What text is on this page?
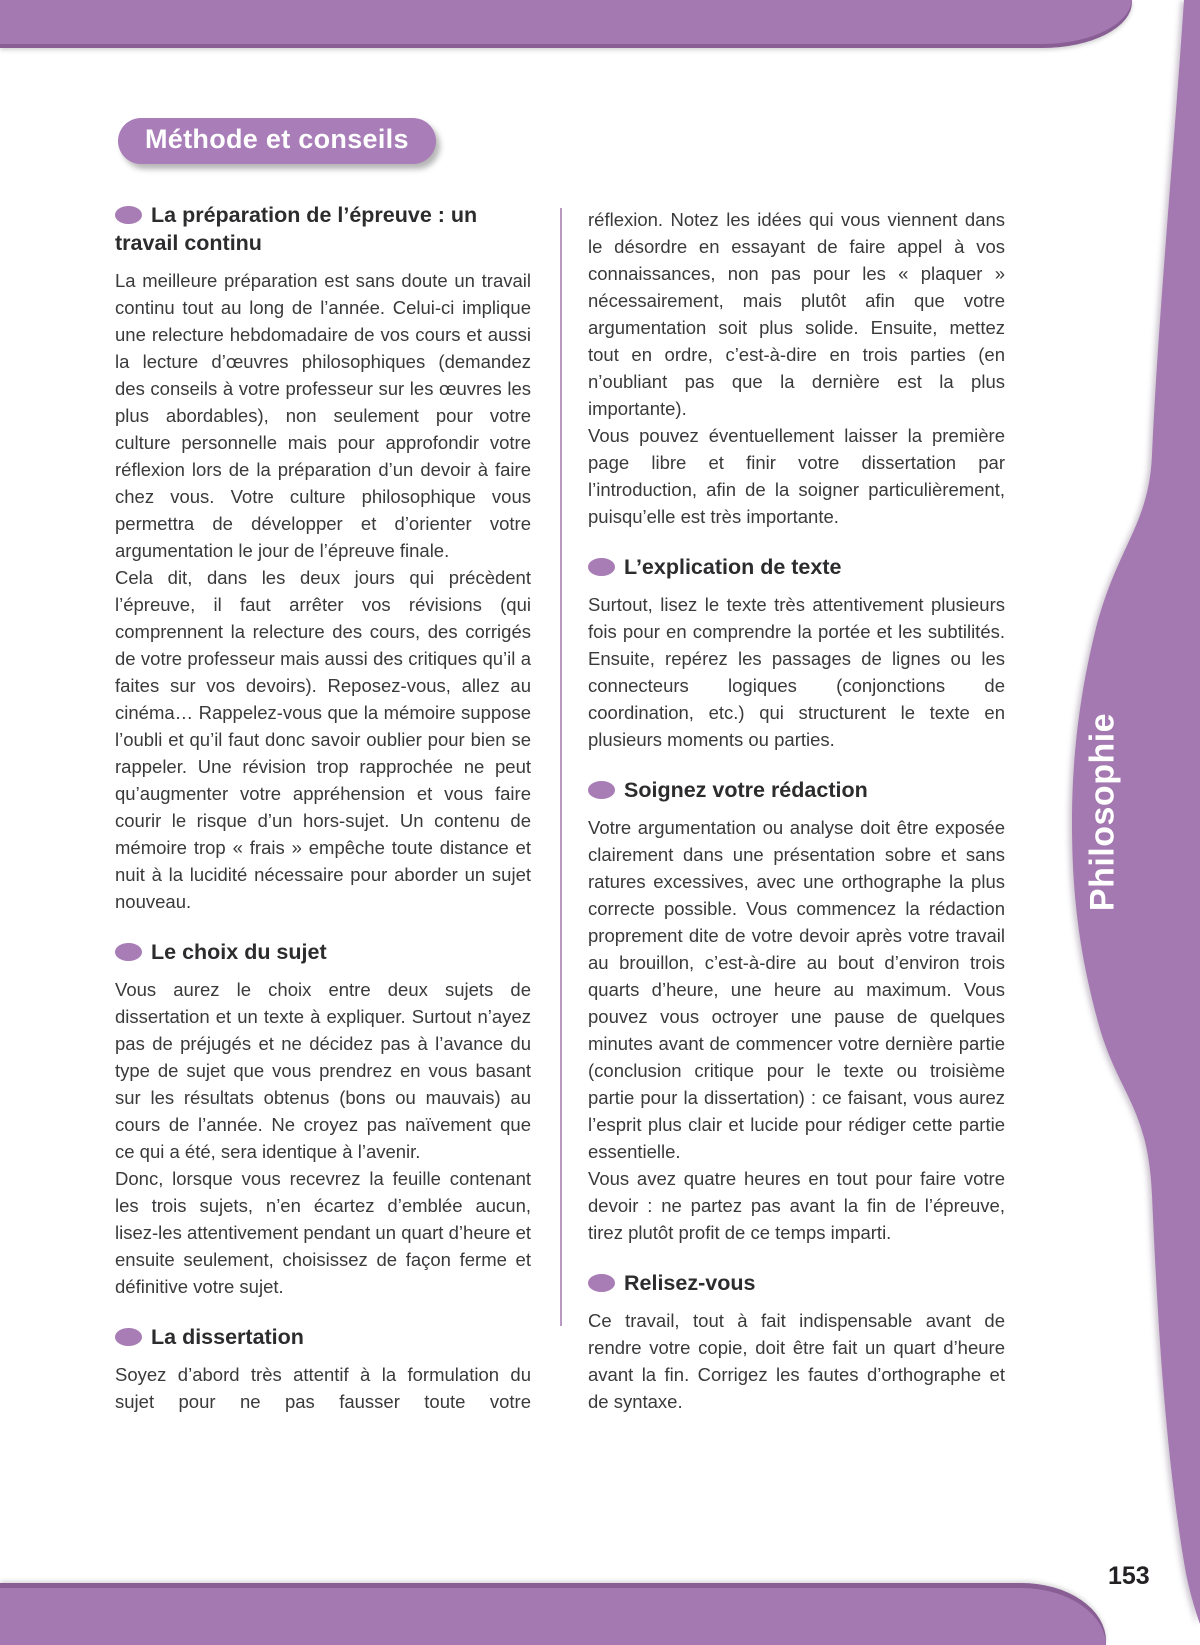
Philosophie
153
Méthode et conseils
La préparation de l’épreuve : un travail continu

La meilleure préparation est sans doute un travail continu tout au long de l’année. Celui-ci implique une relecture hebdomadaire de vos cours et aussi la lecture d’œuvres philosophiques (demandez des conseils à votre professeur sur les œuvres les plus abordables), non seulement pour votre culture personnelle mais pour approfondir votre réflexion lors de la préparation d’un devoir à faire chez vous. Votre culture philosophique vous permettra de développer et d’orienter votre argumentation le jour de l’épreuve finale.

Cela dit, dans les deux jours qui précèdent l’épreuve, il faut arrêter vos révisions (qui comprennent la relecture des cours, des corrigés de votre professeur mais aussi des critiques qu’il a faites sur vos devoirs). Reposez-vous, allez au cinéma… Rappelez-vous que la mémoire suppose l’oubli et qu’il faut donc savoir oublier pour bien se rappeler. Une révision trop rapprochée ne peut qu’augmenter votre appréhension et vous faire courir le risque d’un hors-sujet. Un contenu de mémoire trop « frais » empêche toute distance et nuit à la lucidité nécessaire pour aborder un sujet nouveau.

Le choix du sujet

Vous aurez le choix entre deux sujets de dissertation et un texte à expliquer. Surtout n’ayez pas de préjugés et ne décidez pas à l’avance du type de sujet que vous prendrez en vous basant sur les résultats obtenus (bons ou mauvais) au cours de l’année. Ne croyez pas naïvement que ce qui a été, sera identique à l’avenir.

Donc, lorsque vous recevrez la feuille contenant les trois sujets, n’en écartez d’emblée aucun, lisez-les attentivement pendant un quart d’heure et ensuite seulement, choisissez de façon ferme et définitive votre sujet.

La dissertation

Soyez d’abord très attentif à la formulation du sujet pour ne pas fausser toute votre

réflexion. Notez les idées qui vous viennent dans le désordre en essayant de faire appel à vos connaissances, non pas pour les « plaquer » nécessairement, mais plutôt afin que votre argumentation soit plus solide. Ensuite, mettez tout en ordre, c’est-à-dire en trois parties (en n’oubliant pas que la dernière est la plus importante).

Vous pouvez éventuellement laisser la première page libre et finir votre dissertation par l’introduction, afin de la soigner particulièrement, puisqu’elle est très importante.

L’explication de texte

Surtout, lisez le texte très attentivement plusieurs fois pour en comprendre la portée et les subtilités. Ensuite, repérez les passages de lignes ou les connecteurs logiques (conjonctions de coordination, etc.) qui structurent le texte en plusieurs moments ou parties.

Soignez votre rédaction

Votre argumentation ou analyse doit être exposée clairement dans une présentation sobre et sans ratures excessives, avec une orthographe la plus correcte possible. Vous commencez la rédaction proprement dite de votre devoir après votre travail au brouillon, c’est-à-dire au bout d’environ trois quarts d’heure, une heure au maximum. Vous pouvez vous octroyer une pause de quelques minutes avant de commencer votre dernière partie (conclusion critique pour le texte ou troisième partie pour la dissertation) : ce faisant, vous aurez l’esprit plus clair et lucide pour rédiger cette partie essentielle.

Vous avez quatre heures en tout pour faire votre devoir : ne partez pas avant la fin de l’épreuve, tirez plutôt profit de ce temps imparti.

Relisez-vous

Ce travail, tout à fait indispensable avant de rendre votre copie, doit être fait un quart d’heure avant la fin. Corrigez les fautes d’orthographe et de syntaxe.
